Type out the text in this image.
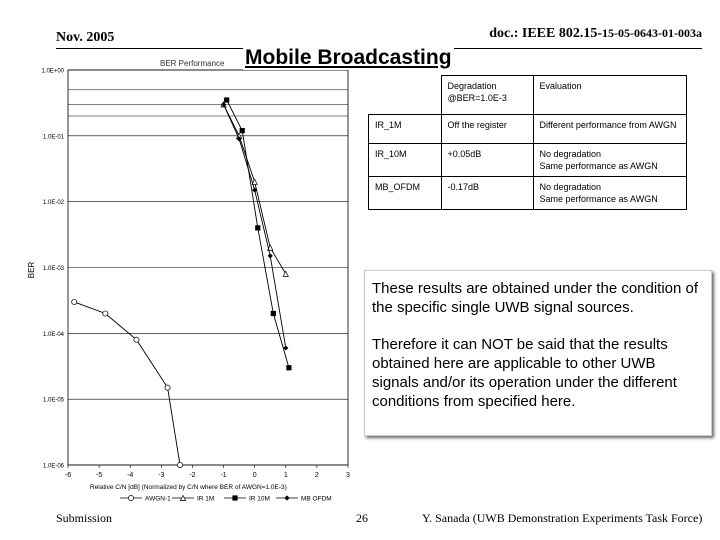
Nov. 2005	doc.: IEEE 802.15-15-05-0643-01-003a
BER Performance
BER
Relative C/N [dB] (Normalized by C/N where BER of AWGN=1.0E-3)
1.0E-06
1.0E-05
1.0E-04
1.0E-03
1.0E-02
1.0E-01
1.0E+00
-6	-5	-4	-3	-2	-1	0	1	2	3
AWGN-1	IR 1M	IR 10M	MB OFDM
Mobile Broadcasting
	Degradation @BER=1.0E-3	Evaluation
IR_1M	Off the register	Different performance from AWGN

IR_10M	+0.05dB	No degradation
Same performance as AWGN

MB_OFDM	-0.17dB	No degradation
Same performance as AWGN

These results are obtained under the condition of the specific single UWB signal sources.

Therefore it can NOT be said that the results obtained here are applicable to other UWB signals and/or its operation under the different conditions from specified here.

Submission	26	Y. Sanada (UWB Demonstration Experiments Task Force)
